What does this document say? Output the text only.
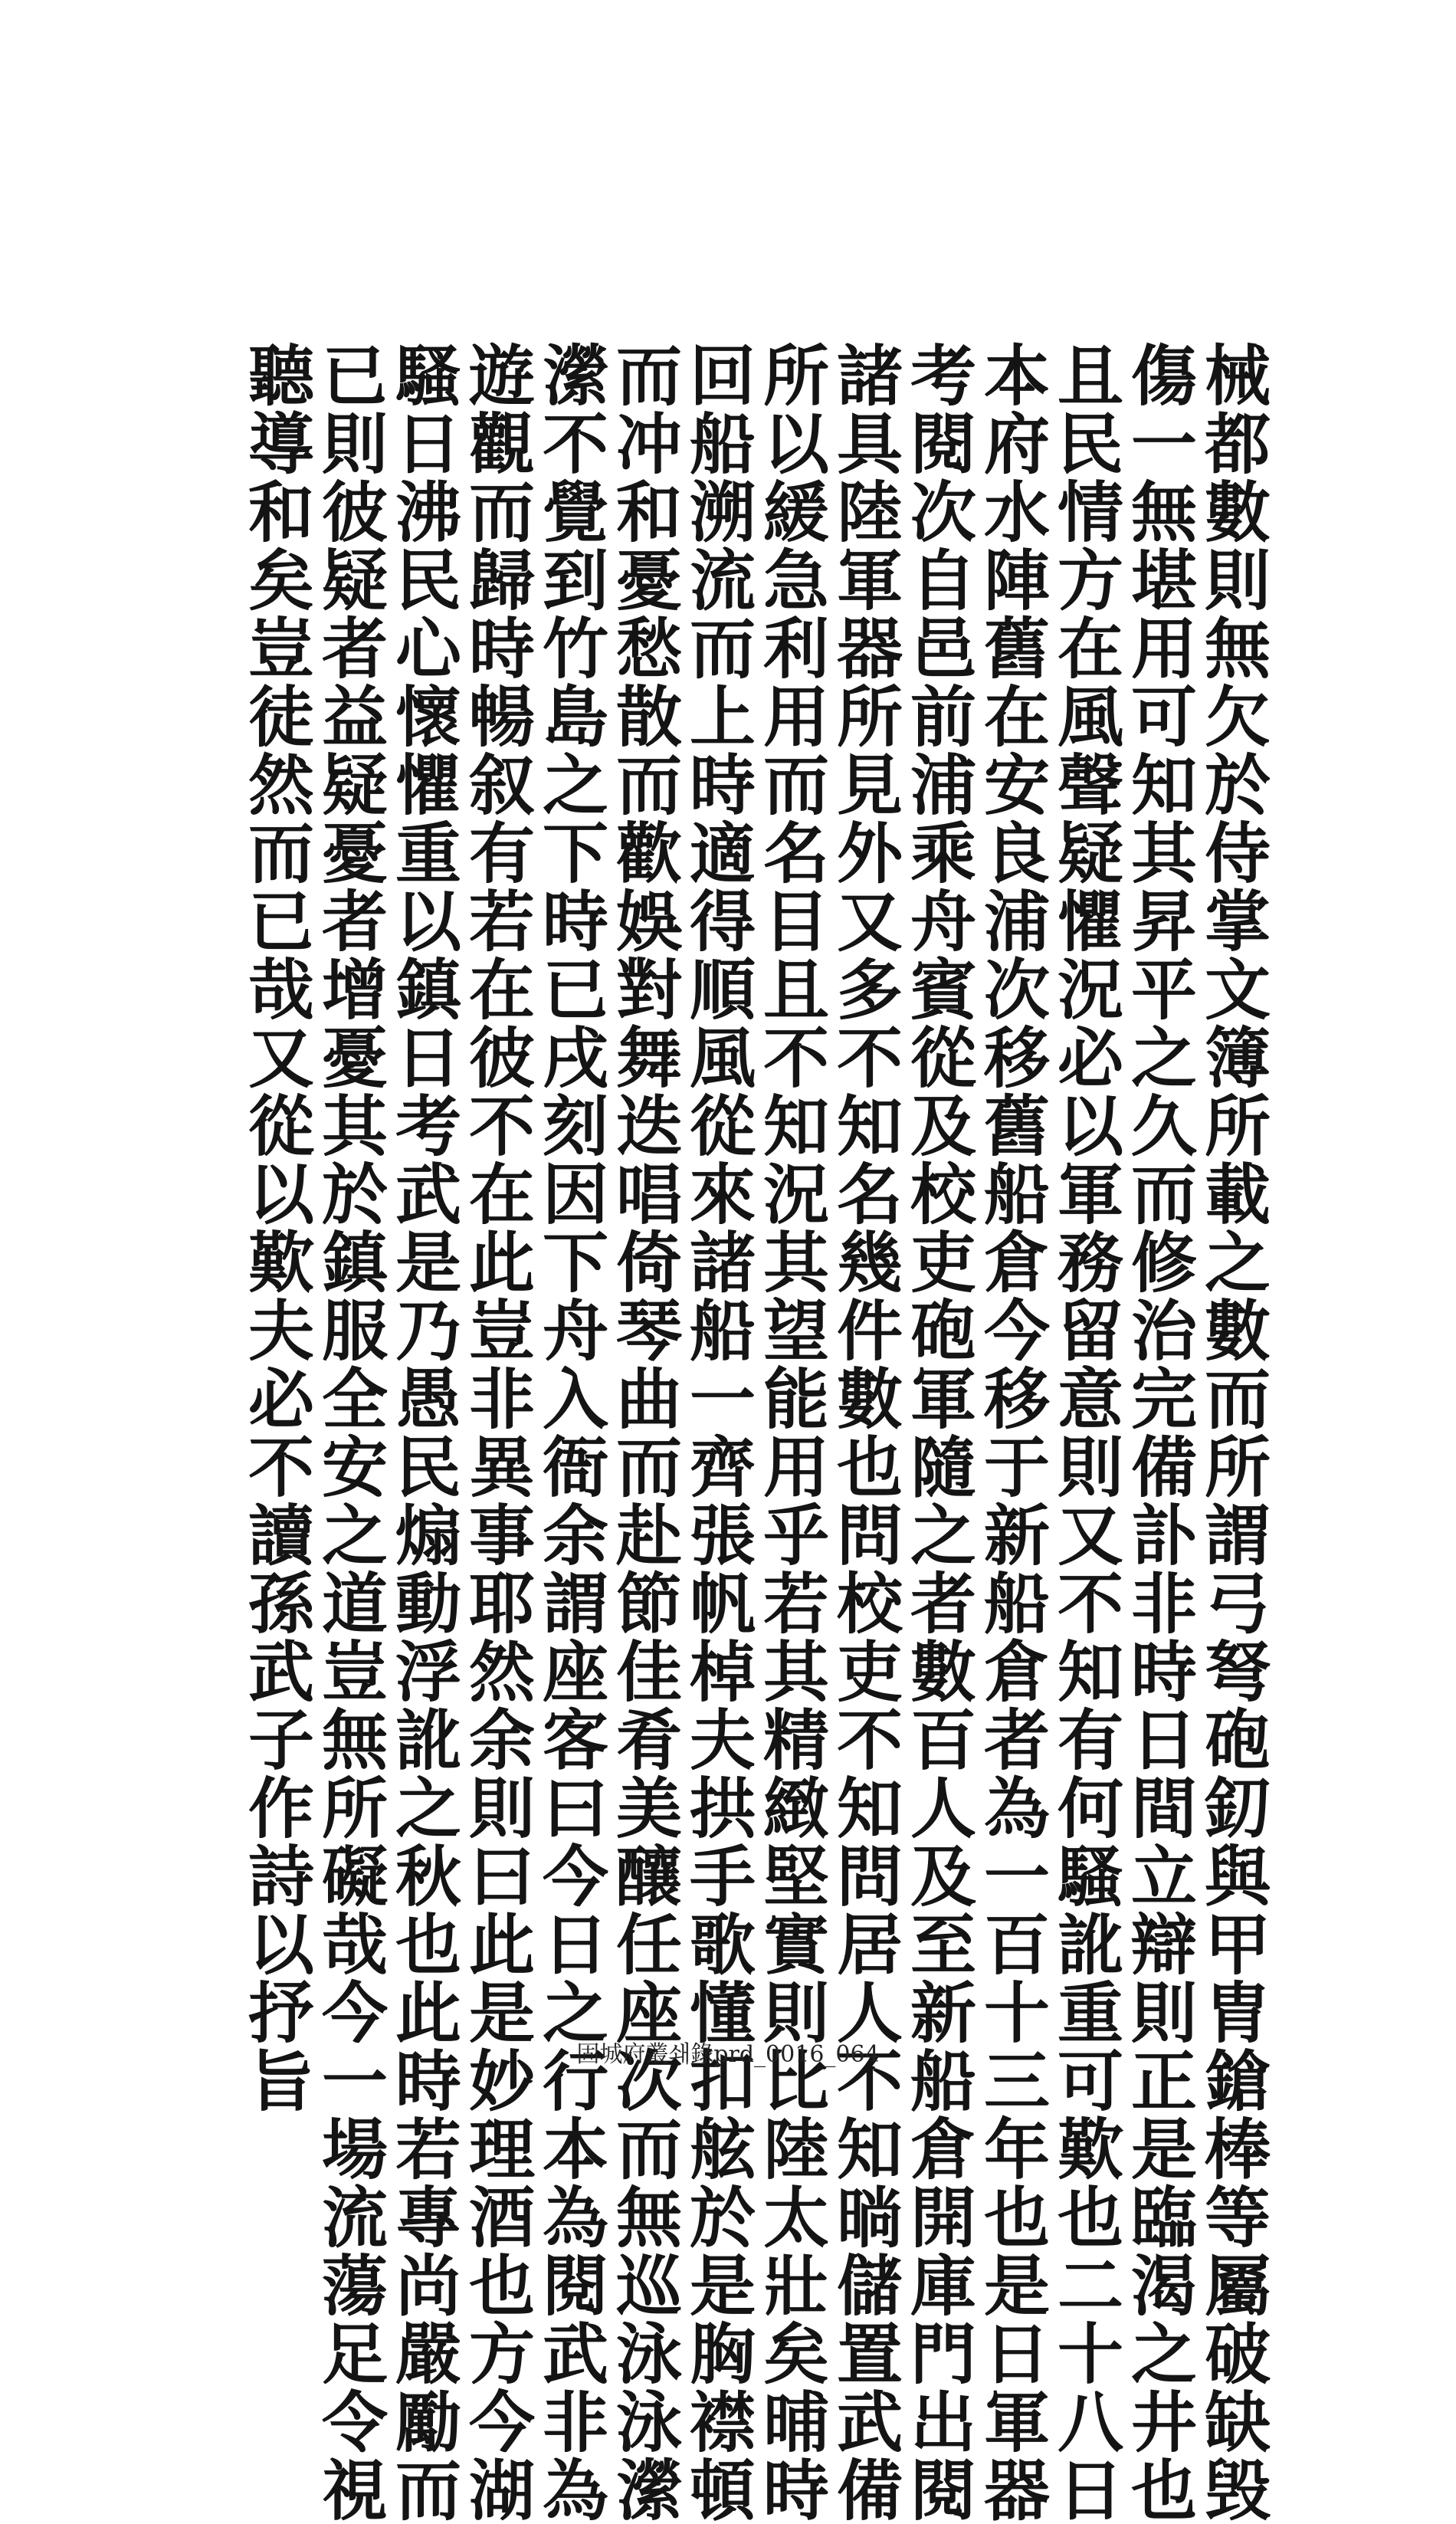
械都數則無欠於侍掌文簿所載之數而所謂弓弩砲釖與甲胄鎗棒等屬破缺毁
傷一無堪用可知其昇平之久而修治完備訃非時日間立辯則正是臨渴之井也
且民情方在風聲疑懼況必以軍務留意則又不知有何騷訛重可歎也二十八日
本府水陣舊在安良浦次移舊船倉今移于新船倉者為一百十三年也是日軍器
考閱次自邑前浦乘舟賓從及校吏砲軍隨之者數百人及至新船倉開庫門出閱
諸具陸軍器所見外又多不知名幾件數也問校吏不知問居人不知㫾儲置武備
所以緩急利用而名目且不知況其望能用乎若其精緻堅實則比陸太壯矣晡時
回船溯流而上時適得順風從來諸船一齊張帆棹夫拱手歌懂扣舷於是胸襟頓
而冲和憂愁散而歡娛對舞迭唱倚琴曲而赴節佳肴美釀任座次而無巡泳泳瀠
瀠不覺到竹島之下時已戌刻因下舟入衙余謂座客曰今日之行本為閱武非為
遊觀而歸時暢叙有若在彼不在此豈非異事耶然余則曰此是妙理酒也方今湖
騷日沸民心懷懼重以鎮日考武是乃愚民煽動浮訛之秋也此時若專尚嚴勵而
已則彼疑者益疑憂者增憂其於鎮服全安之道豈無所礙哉今一場流蕩足令視
聽導和矣豈徒然而已哉又從以歎夫必不讀孫武子作詩以抒旨	固城府叢쇄錄prd_0016_064
